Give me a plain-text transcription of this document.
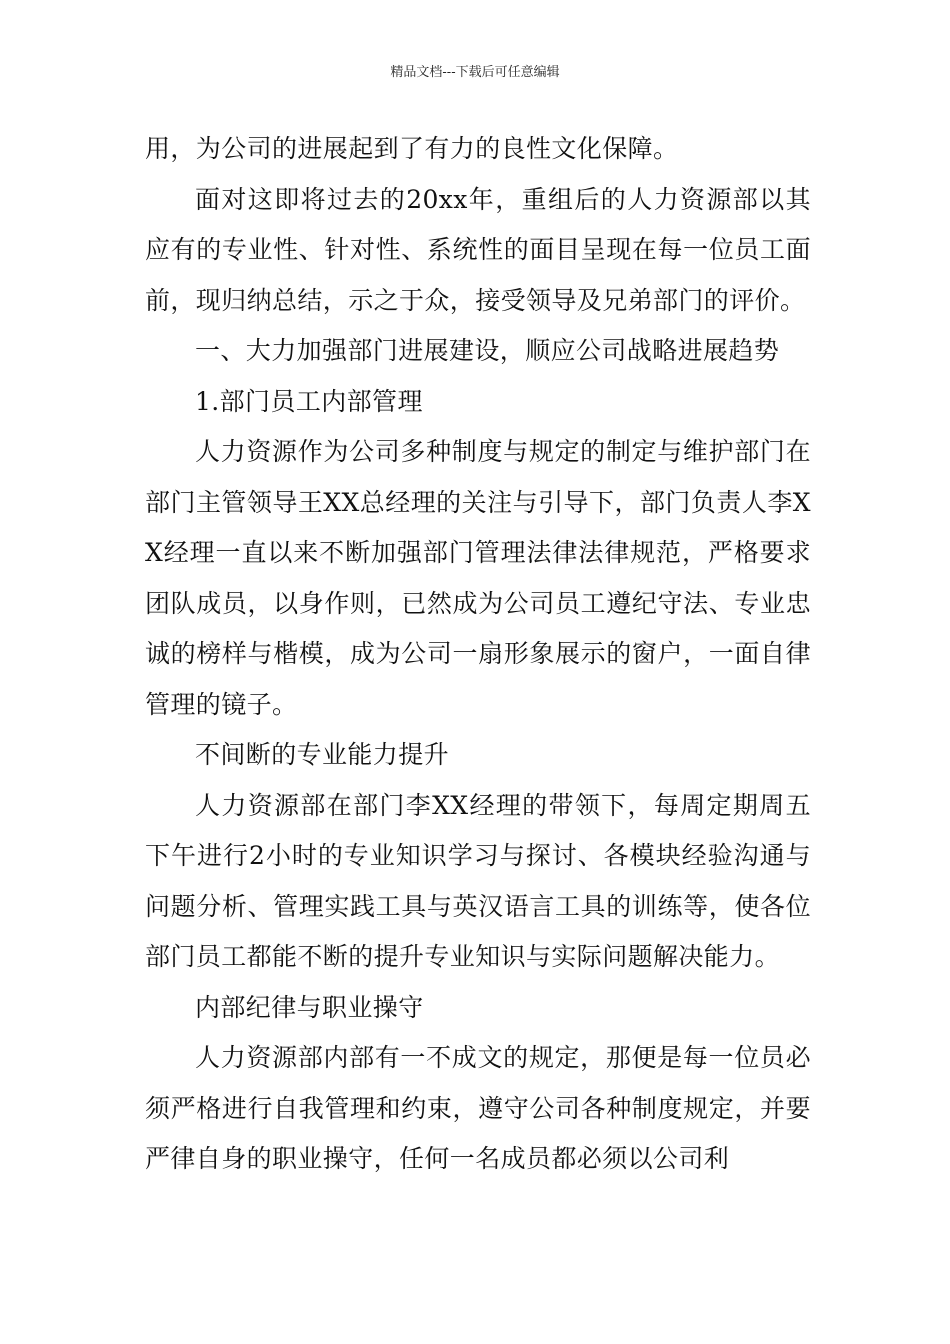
精品文档---下载后可任意编辑

用，为公司的进展起到了有力的良性文化保障。

面对这即将过去的20xx年，重组后的人力资源部以其应有的专业性、针对性、系统性的面目呈现在每一位员工面前，现归纳总结，示之于众，接受领导及兄弟部门的评价。

一、大力加强部门进展建设，顺应公司战略进展趋势

1.部门员工内部管理

人力资源作为公司多种制度与规定的制定与维护部门在部门主管领导王XX总经理的关注与引导下，部门负责人李XX经理一直以来不断加强部门管理法律法律规范，严格要求团队成员，以身作则，已然成为公司员工遵纪守法、专业忠诚的榜样与楷模，成为公司一扇形象展示的窗户，一面自律管理的镜子。

不间断的专业能力提升

人力资源部在部门李XX经理的带领下，每周定期周五下午进行2小时的专业知识学习与探讨、各模块经验沟通与问题分析、管理实践工具与英汉语言工具的训练等，使各位部门员工都能不断的提升专业知识与实际问题解决能力。

内部纪律与职业操守

人力资源部内部有一不成文的规定，那便是每一位员必须严格进行自我管理和约束，遵守公司各种制度规定，并要严律自身的职业操守，任何一名成员都必须以公司利
